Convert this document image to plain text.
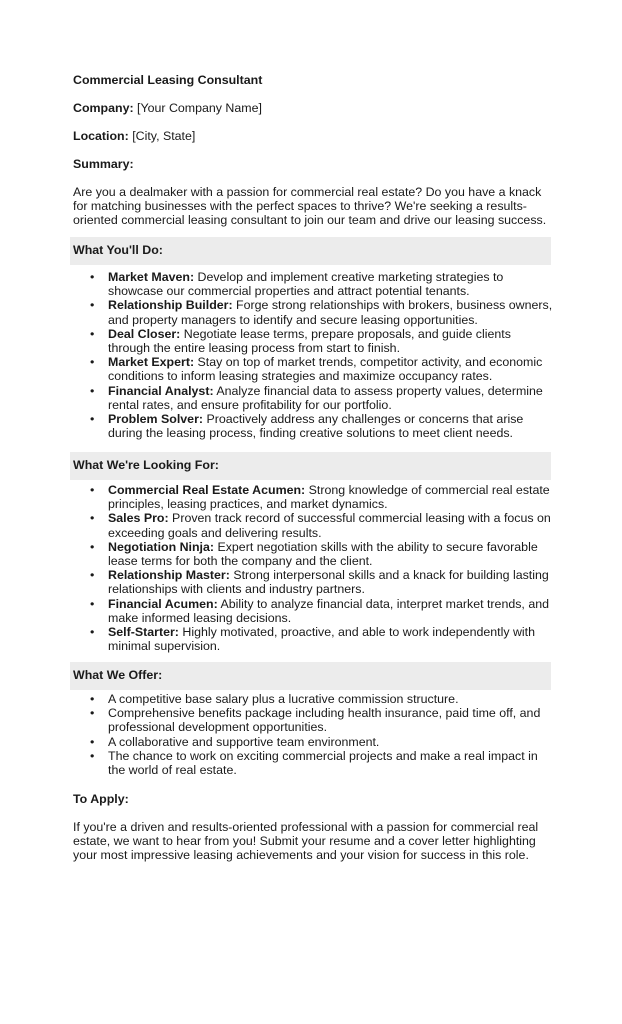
Commercial Leasing Consultant
Company: [Your Company Name]
Location: [City, State]
Summary:
Are you a dealmaker with a passion for commercial real estate? Do you have a knack for matching businesses with the perfect spaces to thrive? We're seeking a results-oriented commercial leasing consultant to join our team and drive our leasing success.
What You'll Do:
• Market Maven: Develop and implement creative marketing strategies to showcase our commercial properties and attract potential tenants.
• Relationship Builder: Forge strong relationships with brokers, business owners, and property managers to identify and secure leasing opportunities.
• Deal Closer: Negotiate lease terms, prepare proposals, and guide clients through the entire leasing process from start to finish.
• Market Expert: Stay on top of market trends, competitor activity, and economic conditions to inform leasing strategies and maximize occupancy rates.
• Financial Analyst: Analyze financial data to assess property values, determine rental rates, and ensure profitability for our portfolio.
• Problem Solver: Proactively address any challenges or concerns that arise during the leasing process, finding creative solutions to meet client needs.
What We're Looking For:
• Commercial Real Estate Acumen: Strong knowledge of commercial real estate principles, leasing practices, and market dynamics.
• Sales Pro: Proven track record of successful commercial leasing with a focus on exceeding goals and delivering results.
• Negotiation Ninja: Expert negotiation skills with the ability to secure favorable lease terms for both the company and the client.
• Relationship Master: Strong interpersonal skills and a knack for building lasting relationships with clients and industry partners.
• Financial Acumen: Ability to analyze financial data, interpret market trends, and make informed leasing decisions.
• Self-Starter: Highly motivated, proactive, and able to work independently with minimal supervision.
What We Offer:
• A competitive base salary plus a lucrative commission structure.
• Comprehensive benefits package including health insurance, paid time off, and professional development opportunities.
• A collaborative and supportive team environment.
• The chance to work on exciting commercial projects and make a real impact in the world of real estate.
To Apply:
If you're a driven and results-oriented professional with a passion for commercial real estate, we want to hear from you! Submit your resume and a cover letter highlighting your most impressive leasing achievements and your vision for success in this role.
